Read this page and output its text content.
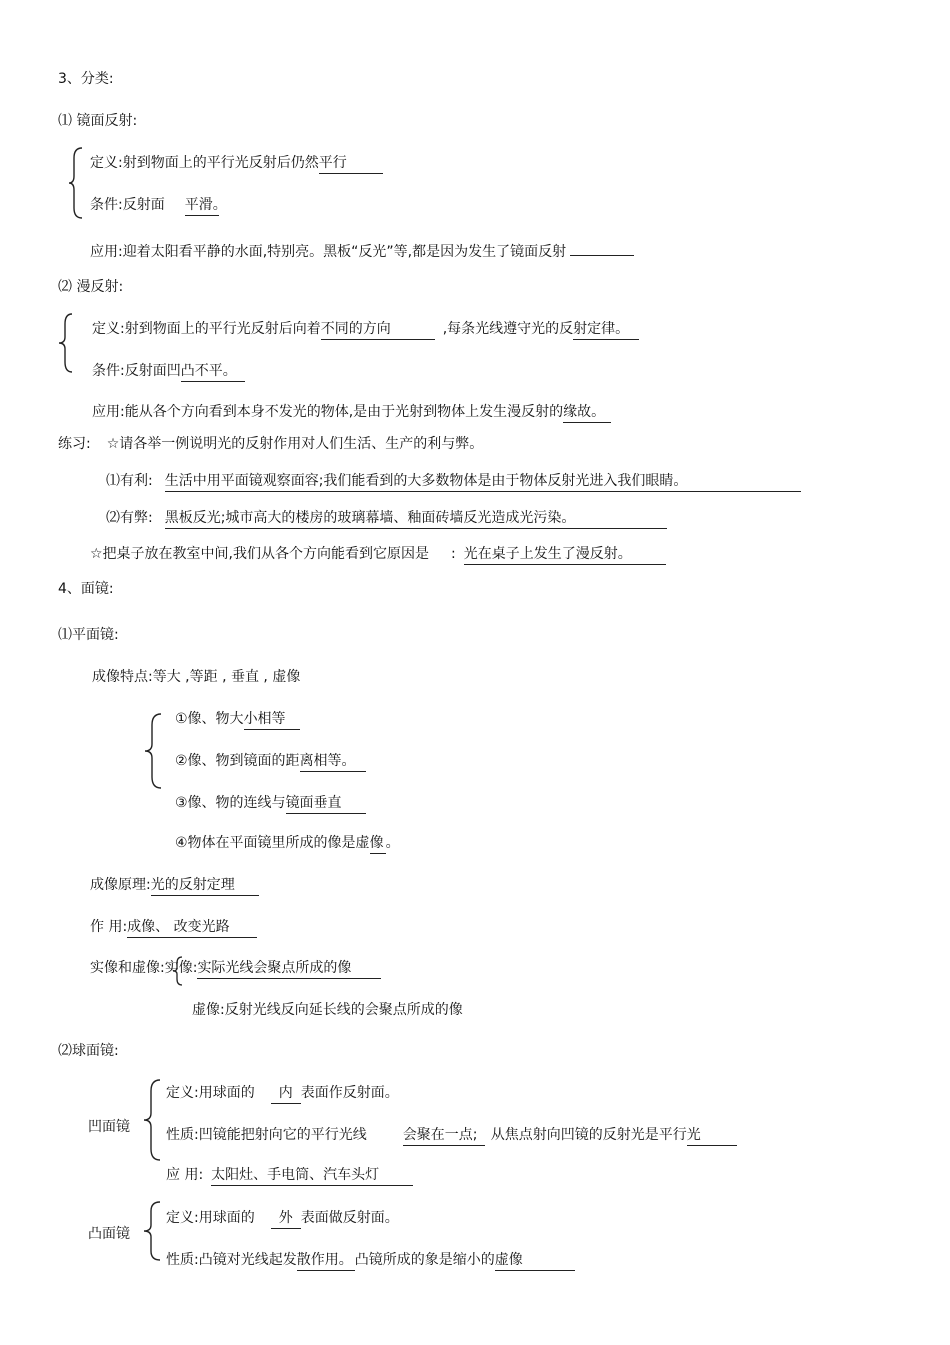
3、分类:
⑴ 镜面反射:
定义:射到物面上的平行光反射后仍然平行
条件:反射面 平滑。
应用:迎着太阳看平静的水面,特别亮。黑板“反光”等,都是因为发生了镜面反射
⑵ 漫反射:
定义:射到物面上的平行光反射后向着不同的方向	,每条光线遵守光的反射定律。
条件:反射面凹凸不平。
应用:能从各个方向看到本身不发光的物体,是由于光射到物体上发生漫反射的缘故。
练习: ☆请各举一例说明光的反射作用对人们生活、生产的利与弊。
⑴有利: 生活中用平面镜观察面容;我们能看到的大多数物体是由于物体反射光进入我们眼睛。
⑵有弊: 黑板反光;城市高大的楼房的玻璃幕墙、釉面砖墙反光造成光污染。
☆把桌子放在教室中间,我们从各个方向能看到它原因是 : 光在桌子上发生了漫反射。
4、面镜:
⑴平面镜:
成像特点:等大 ,等距 , 垂直 , 虚像
①像、物大小相等
②像、物到镜面的距离相等。
③像、物的连线与镜面垂直
④物体在平面镜里所成的像是虚像 。
成像原理:光的反射定理
作 用:成像、 改变光路
实像和虚像:实像:实际光线会聚点所成的像
虚像:反射光线反向延长线的会聚点所成的像
⑵球面镜:
凹面镜
定义:用球面的 内 表面作反射面。
性质:凹镜能把射向它的平行光线	会聚在一点; 从焦点射向凹镜的反射光是平行光
应 用: 太阳灶、手电筒、汽车头灯
凸面镜
定义:用球面的 外 表面做反射面。
性质:凸镜对光线起发散作用。 凸镜所成的象是缩小的虚像
